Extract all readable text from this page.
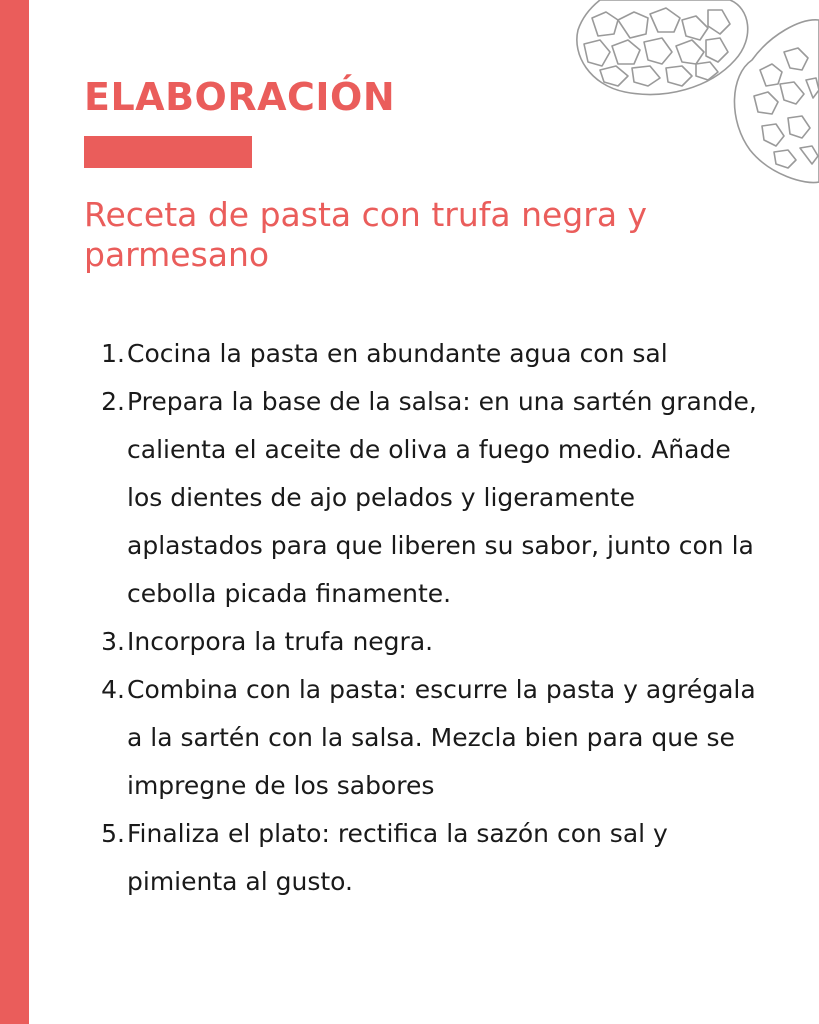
ELABORACIÓN
Receta de pasta con trufa negra y parmesano
1. Cocina la pasta en abundante agua con sal
2. Prepara la base de la salsa: en una sartén grande, calienta el aceite de oliva a fuego medio. Añade los dientes de ajo pelados y ligeramente aplastados para que liberen su sabor, junto con la cebolla picada finamente.
3. Incorpora la trufa negra.
4. Combina con la pasta: escurre la pasta y agrégala a la sartén con la salsa. Mezcla bien para que se impregne de los sabores
5. Finaliza el plato: rectifica la sazón con sal y pimienta al gusto.
